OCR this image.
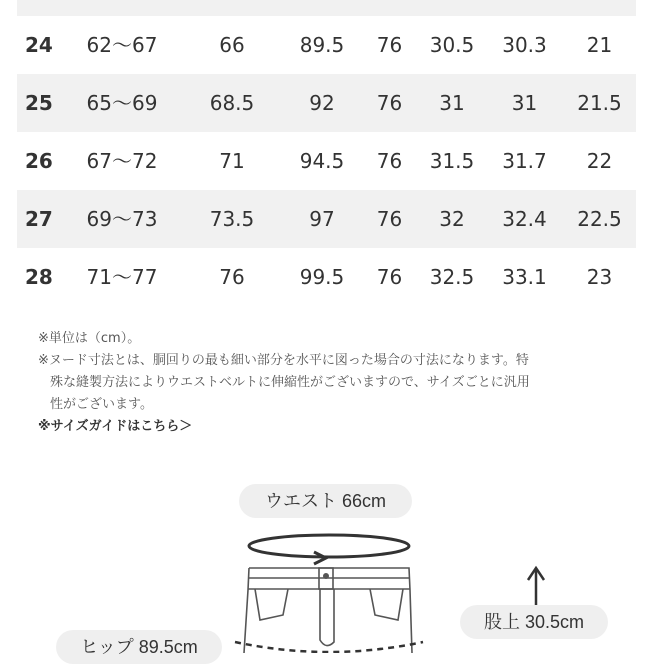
24	62〜67	66	89.5	76	30.5	30.3	21
25	65〜69	68.5	92	76	31	31	21.5
26	67〜72	71	94.5	76	31.5	31.7	22
27	69〜73	73.5	97	76	32	32.4	22.5
28	71〜77	76	99.5	76	32.5	33.1	23

※単位は（cm）。

※ヌード寸法とは、胴回りの最も細い部分を水平に図った場合の寸法になります。特

殊な縫製方法によりウエストベルトに伸縮性がございますので、サイズごとに汎用

性がございます。

※サイズガイドはこちら＞

ウエスト 66cm
股上 30.5cm
ヒップ 89.5cm
